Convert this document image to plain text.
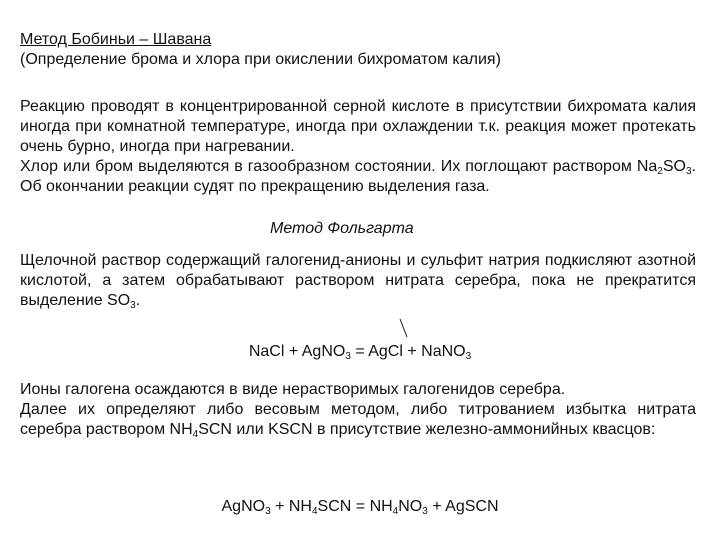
Метод Бобиньи – Шавана
(Определение брома и хлора при окислении бихроматом калия)

Реакцию проводят в концентрированной серной кислоте в присутствии бихромата калия иногда при комнатной температуре, иногда при охлаждении т.к. реакция может протекать очень бурно, иногда при нагревании.

Хлор или бром выделяются в газообразном состоянии. Их поглощают раствором $Na_2SO_3$. Об окончании реакции судят по прекращению выделения газа.

Метод Фольгарта

Щелочной раствор содержащий галогенид-анионы и сульфит натрия подкисляют азотной кислотой, а затем обрабатывают раствором нитрата серебра, пока не прекратится выделение $SO_3$.

NaCl + AgNO$_3$ = AgCl + NaNO$_3$

Ионы галогена осаждаются в виде нерастворимых галогенидов серебра.

Далее их определяют либо весовым методом, либо титрованием избытка нитрата серебра раствором $NH_4SCN$ или KSCN в присутствие железно-аммонийных квасцов:

AgNO$_3$ + $NH_4SCN = NH_4NO_3$ + AgSCN
